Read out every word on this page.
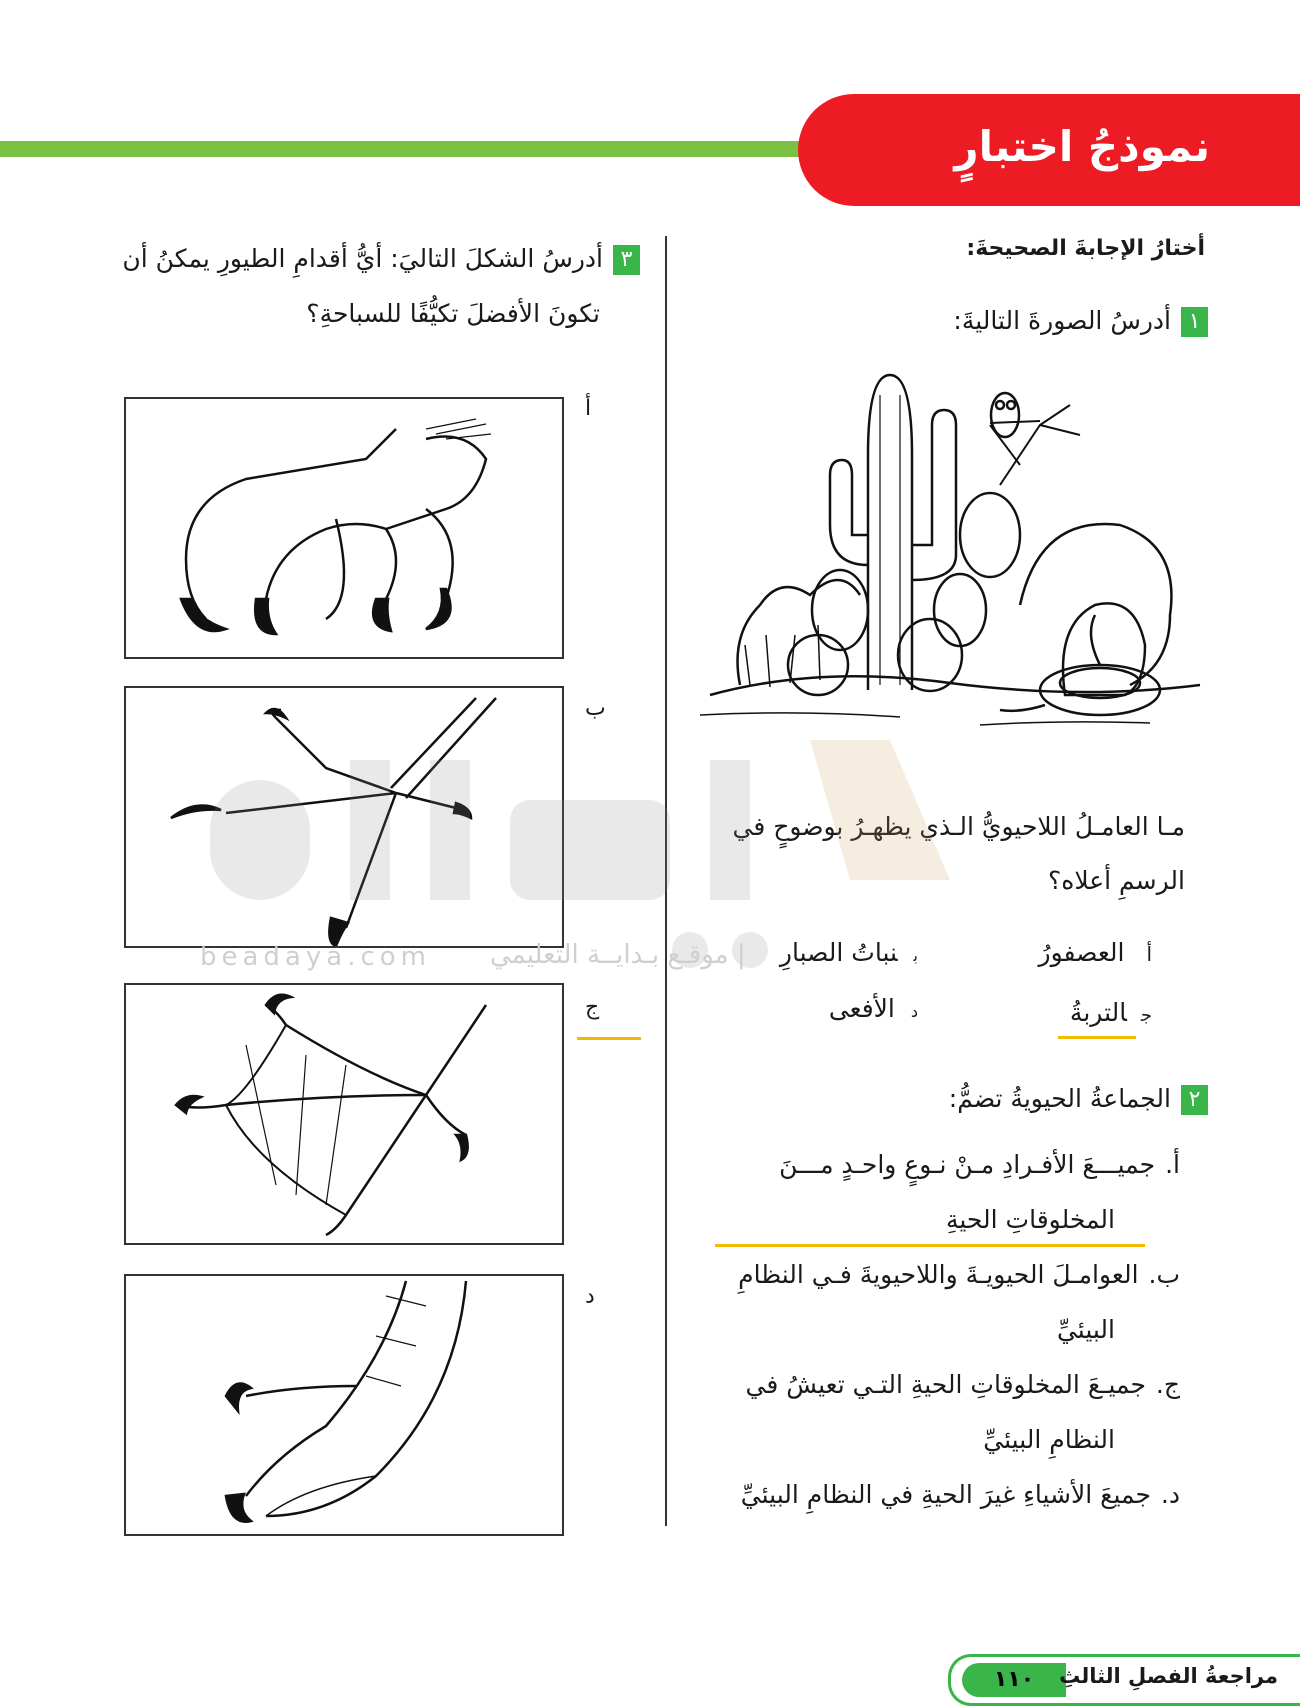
نموذجُ اختبارٍ
أختارُ الإجابةَ الصحيحةَ:
١أدرسُ الصورةَ التاليةَ:
مـا العامـلُ اللاحيويُّ الـذي يظهـرُ بوضوحٍ في
الرسمِ أعلاه؟
أالعصفورُ
بنباتُ الصبارِ
جالتربةُ
دالأفعى
٢الجماعةُ الحيويةُ تضمُّ:
أ.جميـــعَ الأفـرادِ مـنْ نـوعٍ واحـدٍ مـــنَ
المخلوقاتِ الحيةِ
ب.العوامـلَ الحيويـةَ واللاحيويةَ فـي النظامِ
البيئيِّ
ج.جميـعَ المخلوقاتِ الحيةِ التـي تعيشُ في
النظامِ البيئيِّ
د.جميعَ الأشياءِ غيرَ الحيةِ في النظامِ البيئيِّ
٣أدرسُ الشكلَ التاليَ: أيُّ أقدامِ الطيورِ يمكنُ أن
تكونَ الأفضلَ تكيُّفًا للسباحةِ؟
أ
ب
ج
د
beadaya.com | موقـع بـدايــة التعليمي
١١٠	مراجعةُ الفصلِ الثالثِ
